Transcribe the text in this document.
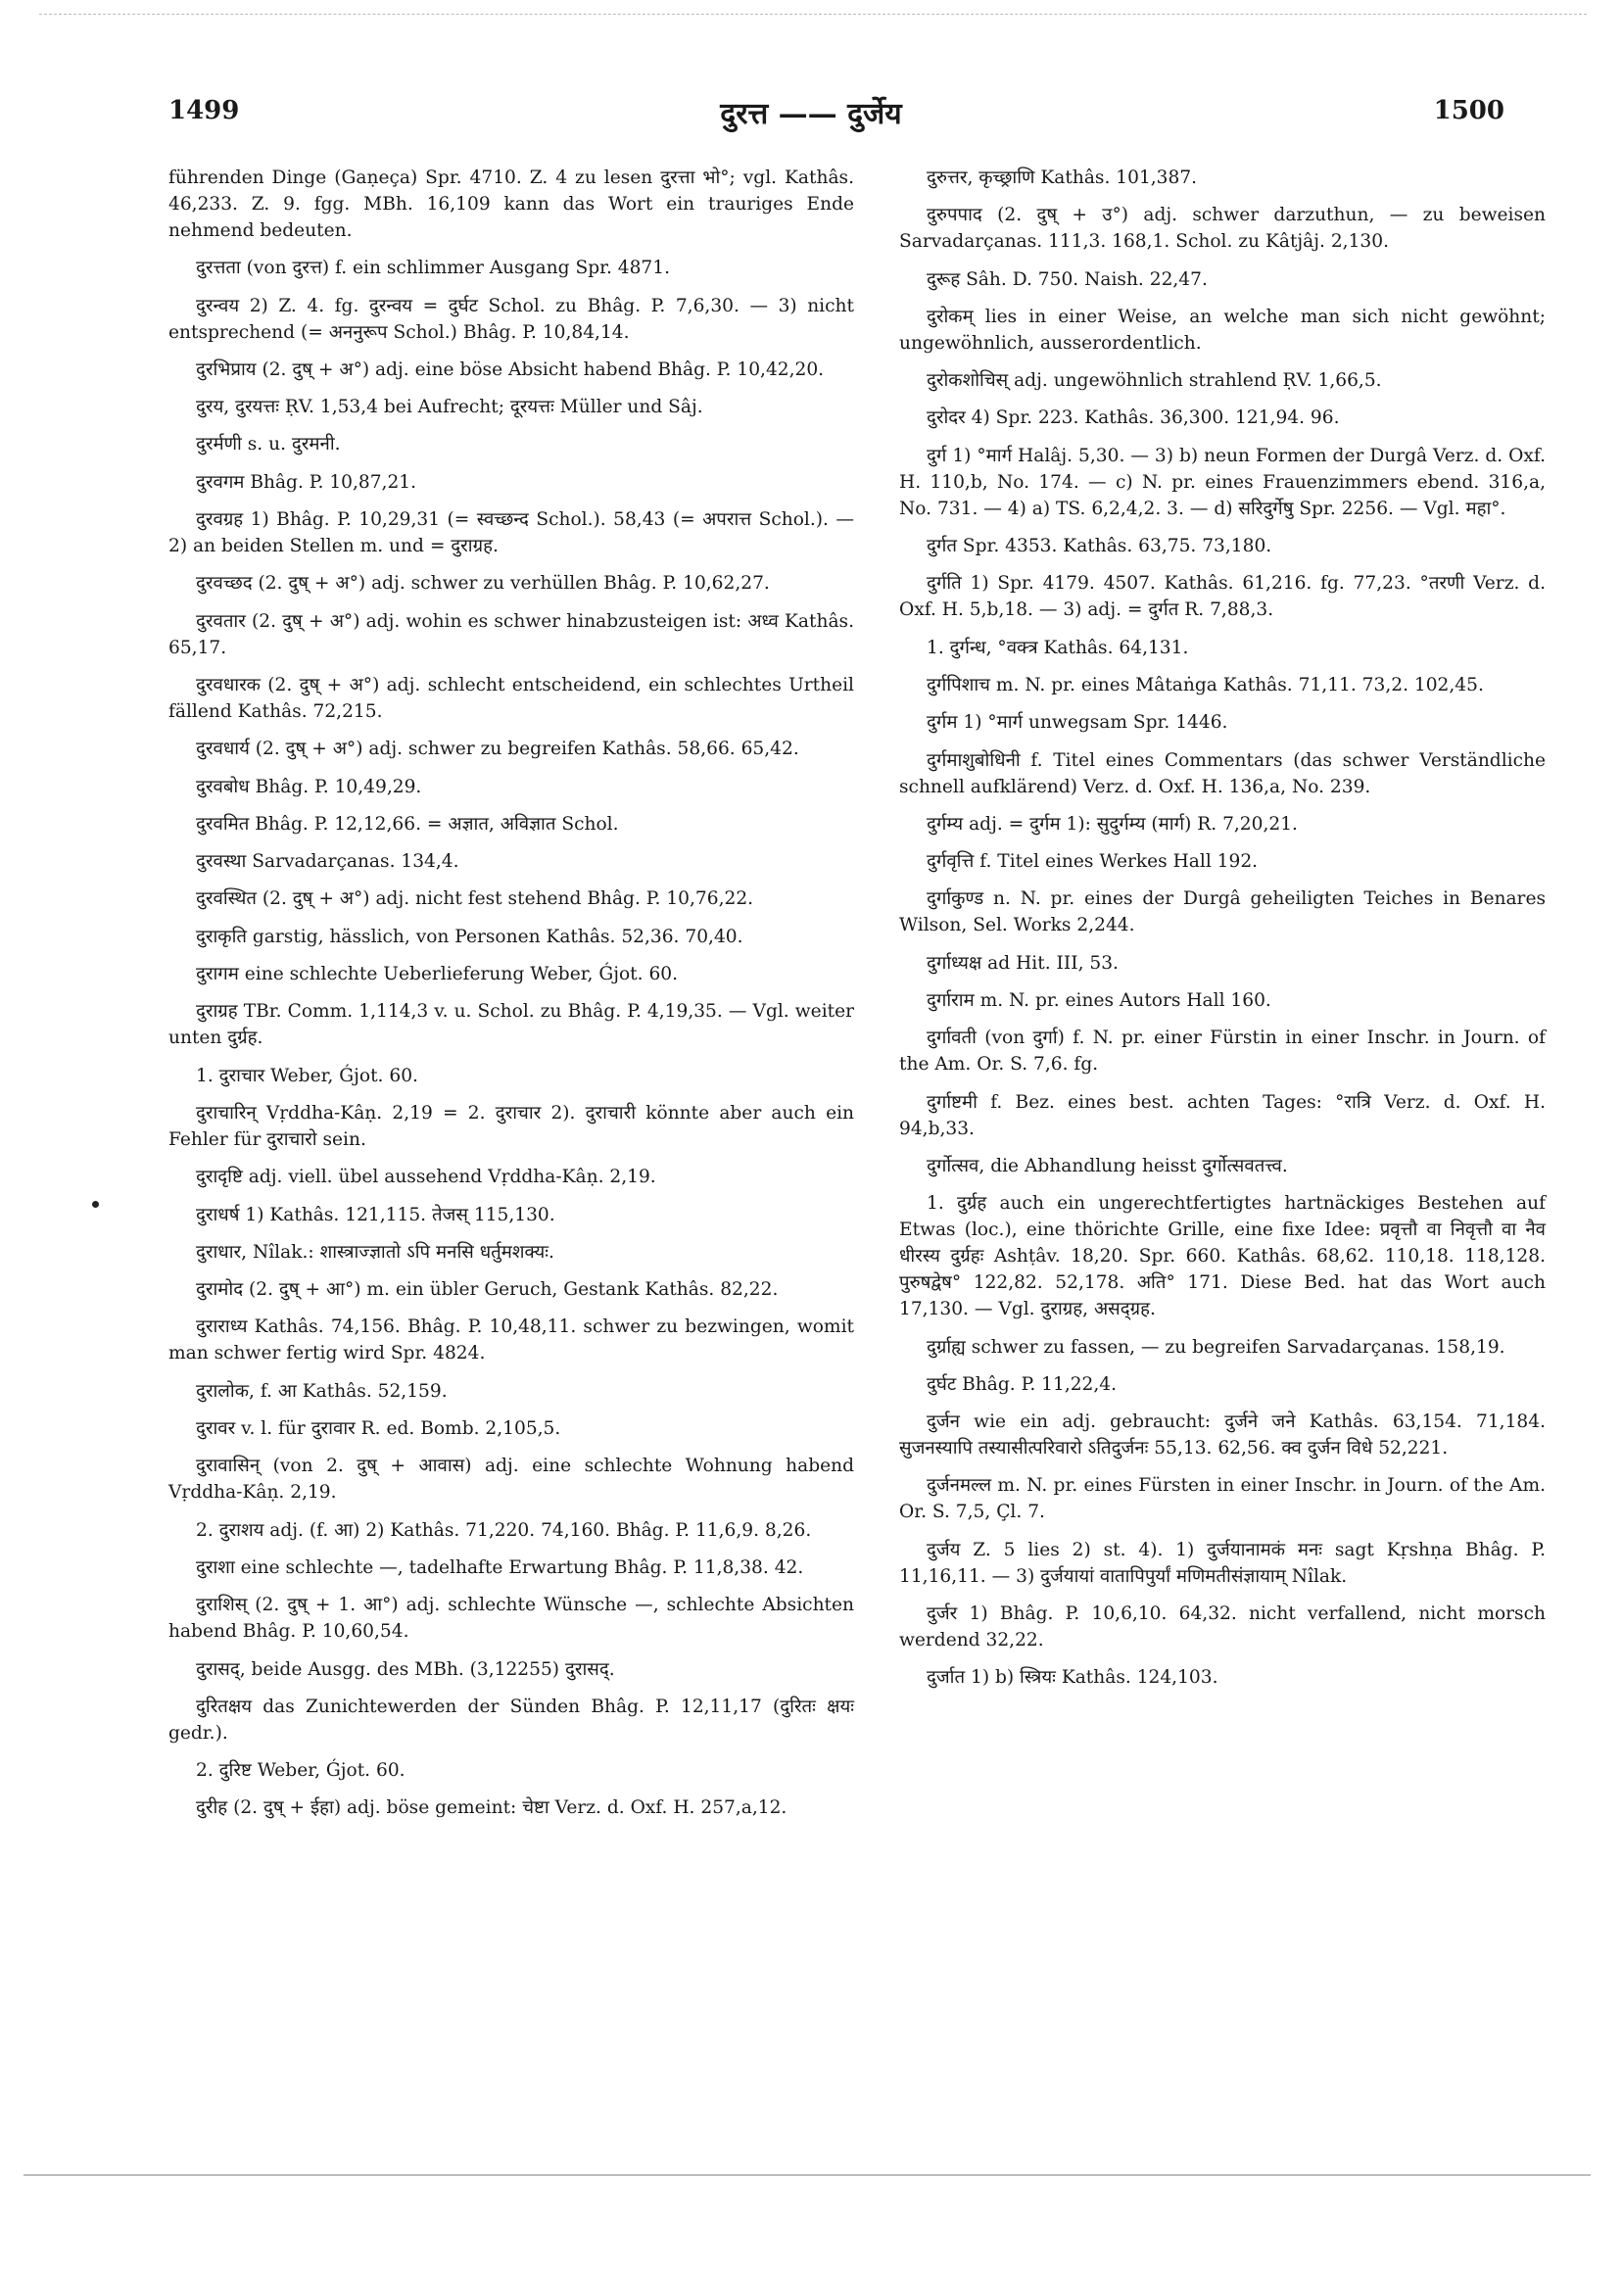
1499	दुरत्त —— दुर्जेय	1500

führenden Dinge (Gaṇeça) Spr. 4710. Z. 4 zu lesen दुरत्ता भो°; vgl. Kathâs. 46,233. Z. 9. fgg. MBh. 16,109 kann das Wort ein trauriges Ende nehmend bedeuten.

दुरत्तता (von दुरत्त) f. ein schlimmer Ausgang Spr. 4871.

दुरन्वय 2) Z. 4. fg. दुरन्वय = दुर्घट Schol. zu Bhâg. P. 7,6,30. — 3) nicht entsprechend (= अननुरूप Schol.) Bhâg. P. 10,84,14.

दुरभिप्राय (2. दुष् + अ°) adj. eine böse Absicht habend Bhâg. P. 10,42,20.

दुरय, दुरयत्तः ṚV. 1,53,4 bei Aufrecht; दूरयत्तः Müller und Sâj.

दुरर्मणी s. u. दुरमनी.

दुरवगम Bhâg. P. 10,87,21.

दुरवग्रह 1) Bhâg. P. 10,29,31 (= स्वच्छन्द Schol.). 58,43 (= अपरात्त Schol.). — 2) an beiden Stellen m. und = दुराग्रह.

दुरवच्छद (2. दुष् + अ°) adj. schwer zu verhüllen Bhâg. P. 10,62,27.

दुरवतार (2. दुष् + अ°) adj. wohin es schwer hinabzusteigen ist: अध्व Kathâs. 65,17.

दुरवधारक (2. दुष् + अ°) adj. schlecht entscheidend, ein schlechtes Urtheil fällend Kathâs. 72,215.

दुरवधार्य (2. दुष् + अ°) adj. schwer zu begreifen Kathâs. 58,66. 65,42.

दुरवबोध Bhâg. P. 10,49,29.

दुरवमित Bhâg. P. 12,12,66. = अज्ञात, अविज्ञात Schol.

दुरवस्था Sarvadarçanas. 134,4.

दुरवस्थित (2. दुष् + अ°) adj. nicht fest stehend Bhâg. P. 10,76,22.

दुराकृति garstig, hässlich, von Personen Kathâs. 52,36. 70,40.

दुरागम eine schlechte Ueberlieferung Weber, Ǵjot. 60.

दुराग्रह TBr. Comm. 1,114,3 v. u. Schol. zu Bhâg. P. 4,19,35. — Vgl. weiter unten दुर्ग्रह.

1. दुराचार Weber, Ǵjot. 60.

दुराचारिन् Vṛddha-Kâṇ. 2,19 = 2. दुराचार 2). दुराचारी könnte aber auch ein Fehler für दुराचारो sein.

दुरादृष्टि adj. viell. übel aussehend Vṛddha-Kâṇ. 2,19.

दुराधर्ष 1) Kathâs. 121,115. तेजस् 115,130.

दुराधार, Nîlak.: शास्त्राज्ज्ञातो ऽपि मनसि धर्तुमशक्यः.

दुरामोद (2. दुष् + आ°) m. ein übler Geruch, Gestank Kathâs. 82,22.

दुराराध्य Kathâs. 74,156. Bhâg. P. 10,48,11. schwer zu bezwingen, womit man schwer fertig wird Spr. 4824.

दुरालोक, f. आ Kathâs. 52,159.

दुरावर v. l. für दुरावार R. ed. Bomb. 2,105,5.

दुरावासिन् (von 2. दुष् + आवास) adj. eine schlechte Wohnung habend Vṛddha-Kâṇ. 2,19.

2. दुराशय adj. (f. आ) 2) Kathâs. 71,220. 74,160. Bhâg. P. 11,6,9. 8,26.

दुराशा eine schlechte —, tadelhafte Erwartung Bhâg. P. 11,8,38. 42.

दुराशिस् (2. दुष् + 1. आ°) adj. schlechte Wünsche —, schlechte Absichten habend Bhâg. P. 10,60,54.

दुरासद्, beide Ausgg. des MBh. (3,12255) दुरासद्.

दुरितक्षय das Zunichtewerden der Sünden Bhâg. P. 12,11,17 (दुरितः क्षयः gedr.).

2. दुरिष्ट Weber, Ǵjot. 60.

दुरीह (2. दुष् + ईहा) adj. böse gemeint: चेष्टा Verz. d. Oxf. H. 257,a,12.

दुरुत्तर, कृच्छ्राणि Kathâs. 101,387.

दुरुपपाद (2. दुष् + उ°) adj. schwer darzuthun, — zu beweisen Sarvadarçanas. 111,3. 168,1. Schol. zu Kâtjâj. 2,130.

दुरूह Sâh. D. 750. Naish. 22,47.

दुरोकम् lies in einer Weise, an welche man sich nicht gewöhnt; ungewöhnlich, ausserordentlich.

दुरोकशोचिस् adj. ungewöhnlich strahlend ṚV. 1,66,5.

दुरोदर 4) Spr. 223. Kathâs. 36,300. 121,94. 96.

दुर्ग 1) °मार्ग Halâj. 5,30. — 3) b) neun Formen der Durgâ Verz. d. Oxf. H. 110,b, No. 174. — c) N. pr. eines Frauenzimmers ebend. 316,a, No. 731. — 4) a) TS. 6,2,4,2. 3. — d) सरिदुर्गेषु Spr. 2256. — Vgl. महा°.

दुर्गत Spr. 4353. Kathâs. 63,75. 73,180.

दुर्गति 1) Spr. 4179. 4507. Kathâs. 61,216. fg. 77,23. °तरणी Verz. d. Oxf. H. 5,b,18. — 3) adj. = दुर्गत R. 7,88,3.

1. दुर्गन्ध, °वक्त्र Kathâs. 64,131.

दुर्गपिशाच m. N. pr. eines Mâtaṅga Kathâs. 71,11. 73,2. 102,45.

दुर्गम 1) °मार्ग unwegsam Spr. 1446.

दुर्गमाशुबोधिनी f. Titel eines Commentars (das schwer Verständliche schnell aufklärend) Verz. d. Oxf. H. 136,a, No. 239.

दुर्गम्य adj. = दुर्गम 1): सुदुर्गम्य (मार्ग) R. 7,20,21.

दुर्गवृत्ति f. Titel eines Werkes Hall 192.

दुर्गाकुण्ड n. N. pr. eines der Durgâ geheiligten Teiches in Benares Wilson, Sel. Works 2,244.

दुर्गाध्यक्ष ad Hit. III, 53.

दुर्गाराम m. N. pr. eines Autors Hall 160.

दुर्गावती (von दुर्गा) f. N. pr. einer Fürstin in einer Inschr. in Journ. of the Am. Or. S. 7,6. fg.

दुर्गाष्टमी f. Bez. eines best. achten Tages: °रात्रि Verz. d. Oxf. H. 94,b,33.

दुर्गोत्सव, die Abhandlung heisst दुर्गोत्सवतत्त्व.

1. दुर्ग्रह auch ein ungerechtfertigtes hartnäckiges Bestehen auf Etwas (loc.), eine thörichte Grille, eine fixe Idee: प्रवृत्तौ वा निवृत्तौ वा नैव धीरस्य दुर्ग्रहः Ashṭâv. 18,20. Spr. 660. Kathâs. 68,62. 110,18. 118,128. पुरुषद्वेष° 122,82. 52,178. अति° 171. Diese Bed. hat das Wort auch 17,130. — Vgl. दुराग्रह, असद्ग्रह.

दुर्ग्राह्य schwer zu fassen, — zu begreifen Sarvadarçanas. 158,19.

दुर्घट Bhâg. P. 11,22,4.

दुर्जन wie ein adj. gebraucht: दुर्जने जने Kathâs. 63,154. 71,184. सुजनस्यापि तस्यासीत्परिवारो ऽतिदुर्जनः 55,13. 62,56. क्व दुर्जन विधे 52,221.

दुर्जनमल्ल m. N. pr. eines Fürsten in einer Inschr. in Journ. of the Am. Or. S. 7,5, Çl. 7.

दुर्जय Z. 5 lies 2) st. 4). 1) दुर्जयानामकं मनः sagt Kṛshṇa Bhâg. P. 11,16,11. — 3) दुर्जयायां वातापिपुर्यां मणिमतीसंज्ञायाम् Nîlak.

दुर्जर 1) Bhâg. P. 10,6,10. 64,32. nicht verfallend, nicht morsch werdend 32,22.

दुर्जात 1) b) स्त्रियः Kathâs. 124,103.
